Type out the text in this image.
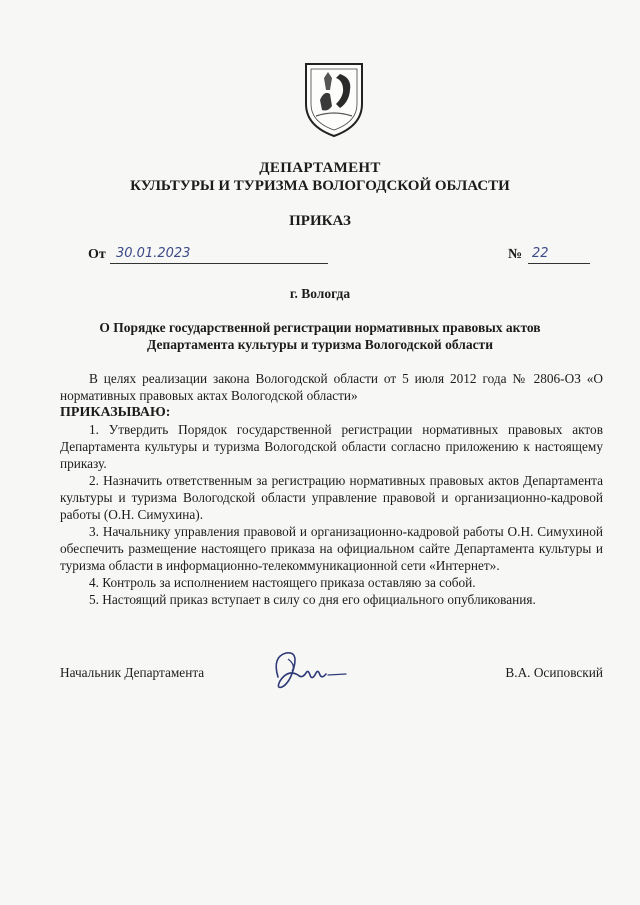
ДЕПАРТАМЕНТ
КУЛЬТУРЫ И ТУРИЗМА ВОЛОГОДСКОЙ ОБЛАСТИ
ПРИКАЗ
От 30.01.2023	№ 22
г. Вологда
О Порядке государственной регистрации нормативных правовых актов
Департамента культуры и туризма Вологодской области

В целях реализации закона Вологодской области от 5 июля 2012 года № 2806-ОЗ «О нормативных правовых актах Вологодской области»

ПРИКАЗЫВАЮ:

1. Утвердить Порядок государственной регистрации нормативных правовых актов Департамента культуры и туризма Вологодской области согласно приложению к настоящему приказу.

2. Назначить ответственным за регистрацию нормативных правовых актов Департамента культуры и туризма Вологодской области управление правовой и организационно-кадровой работы (О.Н. Симухина).

3. Начальнику управления правовой и организационно-кадровой работы О.Н. Симухиной обеспечить размещение настоящего приказа на официальном сайте Департамента культуры и туризма области в информационно-телекоммуникационной сети «Интернет».

4. Контроль за исполнением настоящего приказа оставляю за собой.

5. Настоящий приказ вступает в силу со дня его официального опубликования.

Начальник Департамента	В.А. Осиповский
